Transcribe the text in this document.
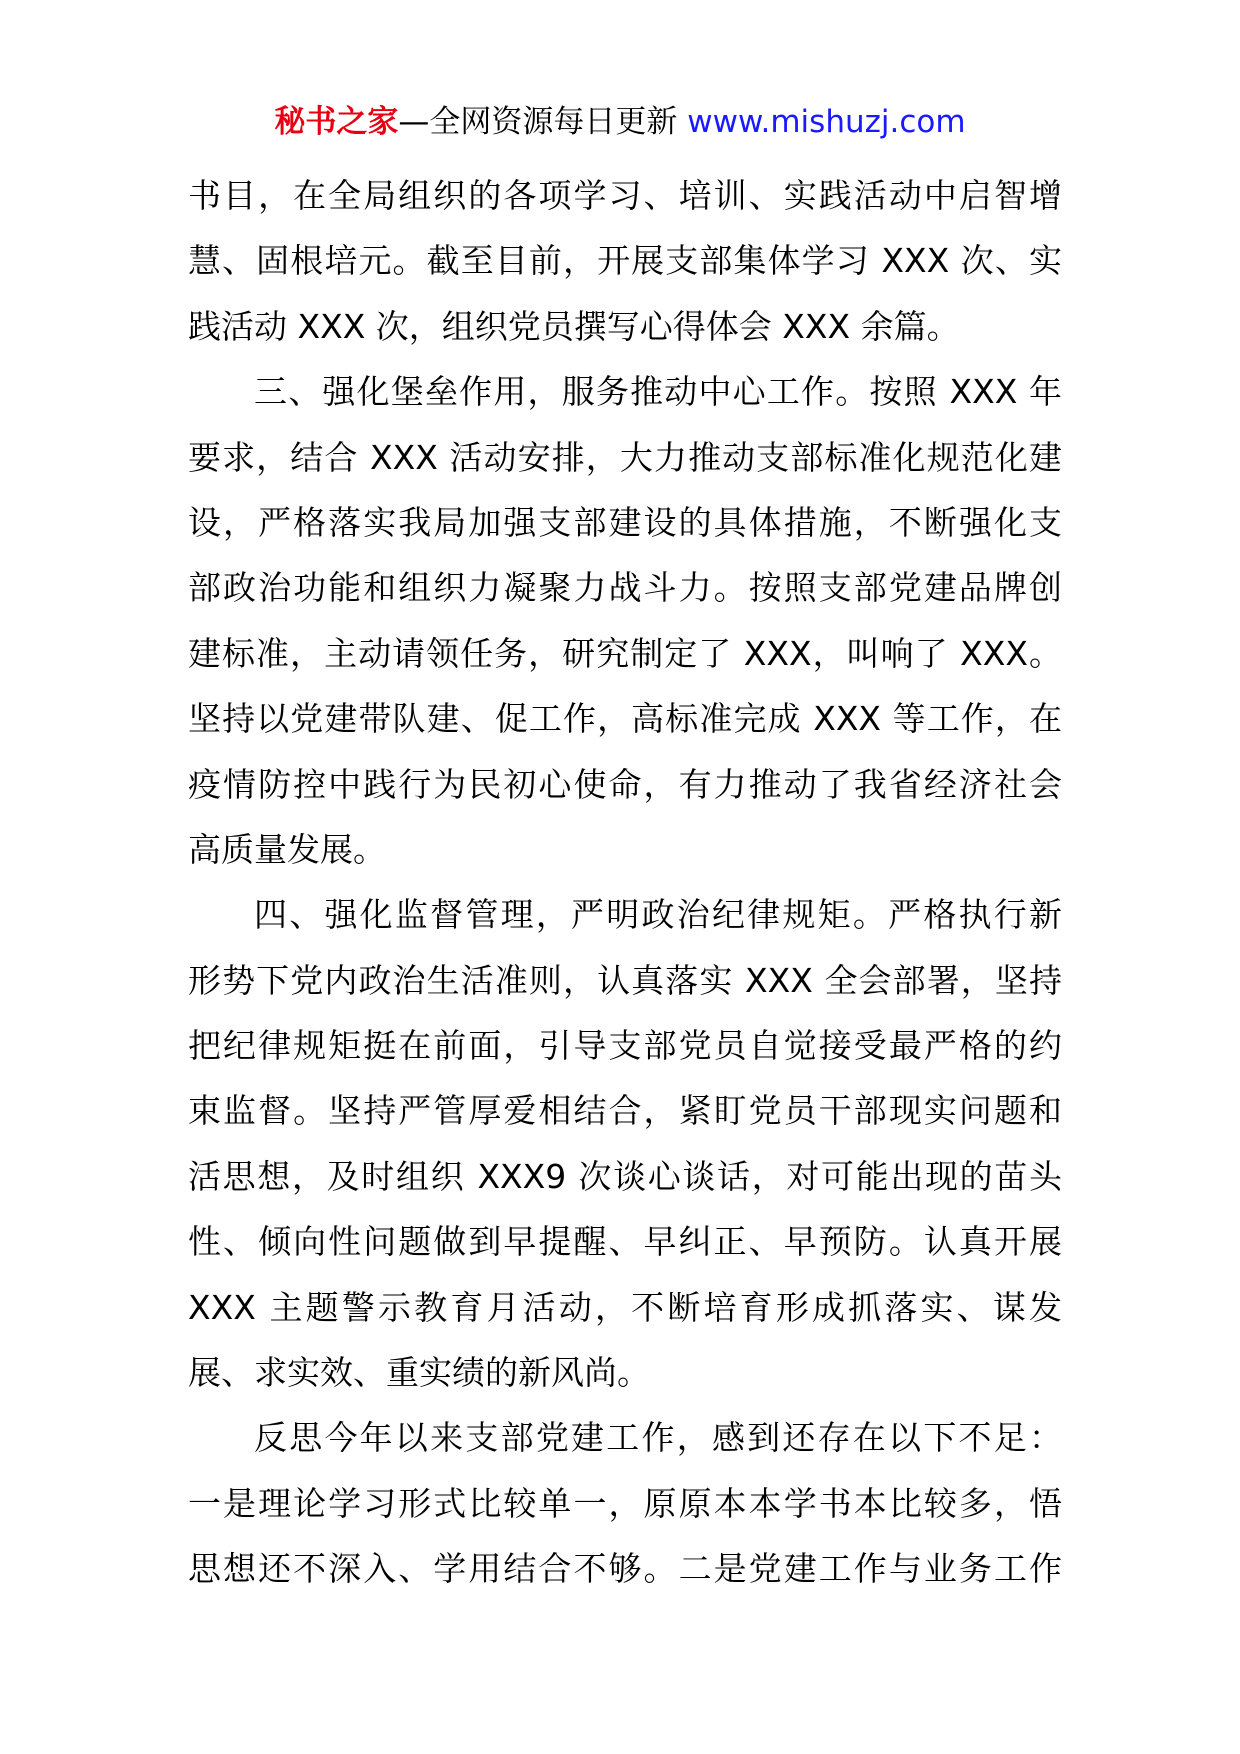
秘书之家—全网资源每日更新 www.mishuzj.com
书目，在全局组织的各项学习、培训、实践活动中启智增
慧、固根培元。截至目前，开展支部集体学习 XXX 次、实
践活动 XXX 次，组织党员撰写心得体会 XXX 余篇。
三、强化堡垒作用，服务推动中心工作。按照 XXX 年
要求，结合 XXX 活动安排，大力推动支部标准化规范化建
设，严格落实我局加强支部建设的具体措施，不断强化支
部政治功能和组织力凝聚力战斗力。按照支部党建品牌创
建标准，主动请领任务，研究制定了 XXX，叫响了 XXX。
坚持以党建带队建、促工作，高标准完成 XXX 等工作，在
疫情防控中践行为民初心使命，有力推动了我省经济社会
高质量发展。
四、强化监督管理，严明政治纪律规矩。严格执行新
形势下党内政治生活准则，认真落实 XXX 全会部署，坚持
把纪律规矩挺在前面，引导支部党员自觉接受最严格的约
束监督。坚持严管厚爱相结合，紧盯党员干部现实问题和
活思想，及时组织 XXX9 次谈心谈话，对可能出现的苗头
性、倾向性问题做到早提醒、早纠正、早预防。认真开展
XXX 主题警示教育月活动，不断培育形成抓落实、谋发
展、求实效、重实绩的新风尚。
反思今年以来支部党建工作，感到还存在以下不足：
一是理论学习形式比较单一，原原本本学书本比较多，悟
思想还不深入、学用结合不够。二是党建工作与业务工作
